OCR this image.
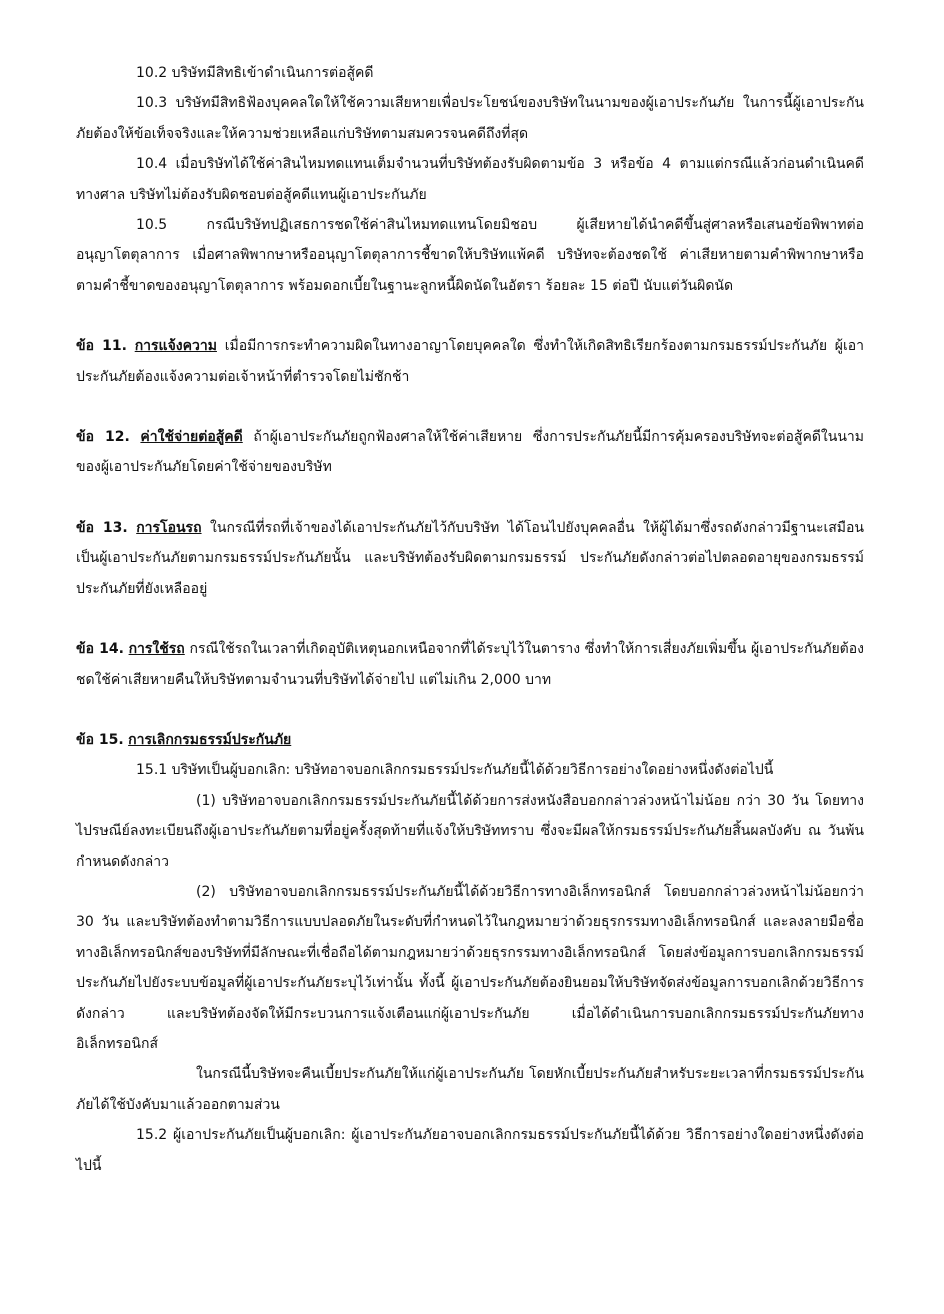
10.2 บริษัทมีสิทธิเข้าดำเนินการต่อสู้คดี

10.3 บริษัทมีสิทธิฟ้องบุคคลใดให้ใช้ความเสียหายเพื่อประโยชน์ของบริษัทในนามของผู้เอาประกันภัย ในการนี้ผู้เอาประกันภัยต้องให้ข้อเท็จจริงและให้ความช่วยเหลือแก่บริษัทตามสมควรจนคดีถึงที่สุด

10.4 เมื่อบริษัทได้ใช้ค่าสินไหมทดแทนเต็มจำนวนที่บริษัทต้องรับผิดตามข้อ 3 หรือข้อ 4 ตามแต่กรณีแล้วก่อนดำเนินคดีทางศาล บริษัทไม่ต้องรับผิดชอบต่อสู้คดีแทนผู้เอาประกันภัย

10.5 กรณีบริษัทปฏิเสธการชดใช้ค่าสินไหมทดแทนโดยมิชอบ ผู้เสียหายได้นำคดีขึ้นสู่ศาลหรือเสนอข้อพิพาทต่ออนุญาโตตุลาการ เมื่อศาลพิพากษาหรืออนุญาโตตุลาการชี้ขาดให้บริษัทแพ้คดี บริษัทจะต้องชดใช้ ค่าเสียหายตามคำพิพากษาหรือตามคำชี้ขาดของอนุญาโตตุลาการ พร้อมดอกเบี้ยในฐานะลูกหนี้ผิดนัดในอัตรา ร้อยละ 15 ต่อปี นับแต่วันผิดนัด

ข้อ 11. การแจ้งความ เมื่อมีการกระทำความผิดในทางอาญาโดยบุคคลใด ซึ่งทำให้เกิดสิทธิเรียกร้องตามกรมธรรม์ประกันภัย ผู้เอาประกันภัยต้องแจ้งความต่อเจ้าหน้าที่ตำรวจโดยไม่ชักช้า

ข้อ 12. ค่าใช้จ่ายต่อสู้คดี ถ้าผู้เอาประกันภัยถูกฟ้องศาลให้ใช้ค่าเสียหาย ซึ่งการประกันภัยนี้มีการคุ้มครองบริษัทจะต่อสู้คดีในนามของผู้เอาประกันภัยโดยค่าใช้จ่ายของบริษัท

ข้อ 13. การโอนรถ ในกรณีที่รถที่เจ้าของได้เอาประกันภัยไว้กับบริษัท ได้โอนไปยังบุคคลอื่น ให้ผู้ได้มาซึ่งรถดังกล่าวมีฐานะเสมือนเป็นผู้เอาประกันภัยตามกรมธรรม์ประกันภัยนั้น และบริษัทต้องรับผิดตามกรมธรรม์ ประกันภัยดังกล่าวต่อไปตลอดอายุของกรมธรรม์ประกันภัยที่ยังเหลืออยู่

ข้อ 14. การใช้รถ กรณีใช้รถในเวลาที่เกิดอุบัติเหตุนอกเหนือจากที่ได้ระบุไว้ในตาราง ซึ่งทำให้การเสี่ยงภัยเพิ่มขึ้น ผู้เอาประกันภัยต้องชดใช้ค่าเสียหายคืนให้บริษัทตามจำนวนที่บริษัทได้จ่ายไป แต่ไม่เกิน 2,000 บาท

ข้อ 15. การเลิกกรมธรรม์ประกันภัย

15.1 บริษัทเป็นผู้บอกเลิก: บริษัทอาจบอกเลิกกรมธรรม์ประกันภัยนี้ได้ด้วยวิธีการอย่างใดอย่างหนึ่งดังต่อไปนี้

(1) บริษัทอาจบอกเลิกกรมธรรม์ประกันภัยนี้ได้ด้วยการส่งหนังสือบอกกล่าวล่วงหน้าไม่น้อย กว่า 30 วัน โดยทางไปรษณีย์ลงทะเบียนถึงผู้เอาประกันภัยตามที่อยู่ครั้งสุดท้ายที่แจ้งให้บริษัททราบ ซึ่งจะมีผลให้กรมธรรม์ประกันภัยสิ้นผลบังคับ ณ วันพ้นกำหนดดังกล่าว

(2) บริษัทอาจบอกเลิกกรมธรรม์ประกันภัยนี้ได้ด้วยวิธีการทางอิเล็กทรอนิกส์ โดยบอกกล่าวล่วงหน้าไม่น้อยกว่า 30 วัน และบริษัทต้องทำตามวิธีการแบบปลอดภัยในระดับที่กำหนดไว้ในกฎหมายว่าด้วยธุรกรรมทางอิเล็กทรอนิกส์ และลงลายมือชื่อทางอิเล็กทรอนิกส์ของบริษัทที่มีลักษณะที่เชื่อถือได้ตามกฎหมายว่าด้วยธุรกรรมทางอิเล็กทรอนิกส์ โดยส่งข้อมูลการบอกเลิกกรมธรรม์ประกันภัยไปยังระบบข้อมูลที่ผู้เอาประกันภัยระบุไว้เท่านั้น ทั้งนี้ ผู้เอาประกันภัยต้องยินยอมให้บริษัทจัดส่งข้อมูลการบอกเลิกด้วยวิธีการ ดังกล่าว และบริษัทต้องจัดให้มีกระบวนการแจ้งเตือนแก่ผู้เอาประกันภัย เมื่อได้ดำเนินการบอกเลิกกรมธรรม์ประกันภัยทางอิเล็กทรอนิกส์

ในกรณีนี้บริษัทจะคืนเบี้ยประกันภัยให้แก่ผู้เอาประกันภัย โดยหักเบี้ยประกันภัยสำหรับระยะเวลาที่กรมธรรม์ประกันภัยได้ใช้บังคับมาแล้วออกตามส่วน

15.2 ผู้เอาประกันภัยเป็นผู้บอกเลิก: ผู้เอาประกันภัยอาจบอกเลิกกรมธรรม์ประกันภัยนี้ได้ด้วย วิธีการอย่างใดอย่างหนึ่งดังต่อไปนี้
